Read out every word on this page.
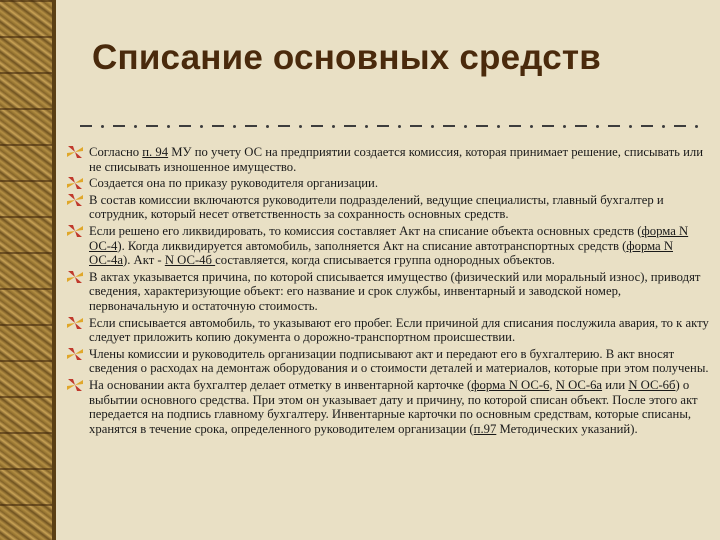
Списание основных средств
Согласно п. 94 МУ по учету ОС на предприятии создается комиссия, которая принимает решение, списывать или не списывать изношенное имущество.
Создается она по приказу руководителя организации.
В состав комиссии включаются руководители подразделений, ведущие специалисты, главный бухгалтер и сотрудник, который несет ответственность за сохранность основных средств.
Если решено его ликвидировать, то комиссия составляет Акт на списание объекта основных средств (форма N ОС-4). Когда ликвидируется автомобиль, заполняется Акт на списание автотранспортных средств (форма N ОС-4а). Акт - N ОС-4б составляется, когда списывается группа однородных объектов.
В актах указывается причина, по которой списывается имущество (физический или моральный износ), приводят сведения, характеризующие объект: его название и срок службы, инвентарный и заводской номер, первоначальную и остаточную стоимость.
Если списывается автомобиль, то указывают его пробег. Если причиной для списания послужила авария, то к акту следует приложить копию документа о дорожно-транспортном происшествии.
Члены комиссии и руководитель организации подписывают акт и передают его в бухгалтерию. В акт вносят сведения о расходах на демонтаж оборудования и о стоимости деталей и материалов, которые при этом получены.
На основании акта бухгалтер делает отметку в инвентарной карточке (форма N ОС-6, N ОС-6а или N ОС-6б) о выбытии основного средства. При этом он указывает дату и причину, по которой списан объект. После этого акт передается на подпись главному бухгалтеру. Инвентарные карточки по основным средствам, которые списаны, хранятся в течение срока, определенного руководителем организации (п.97 Методических указаний).
